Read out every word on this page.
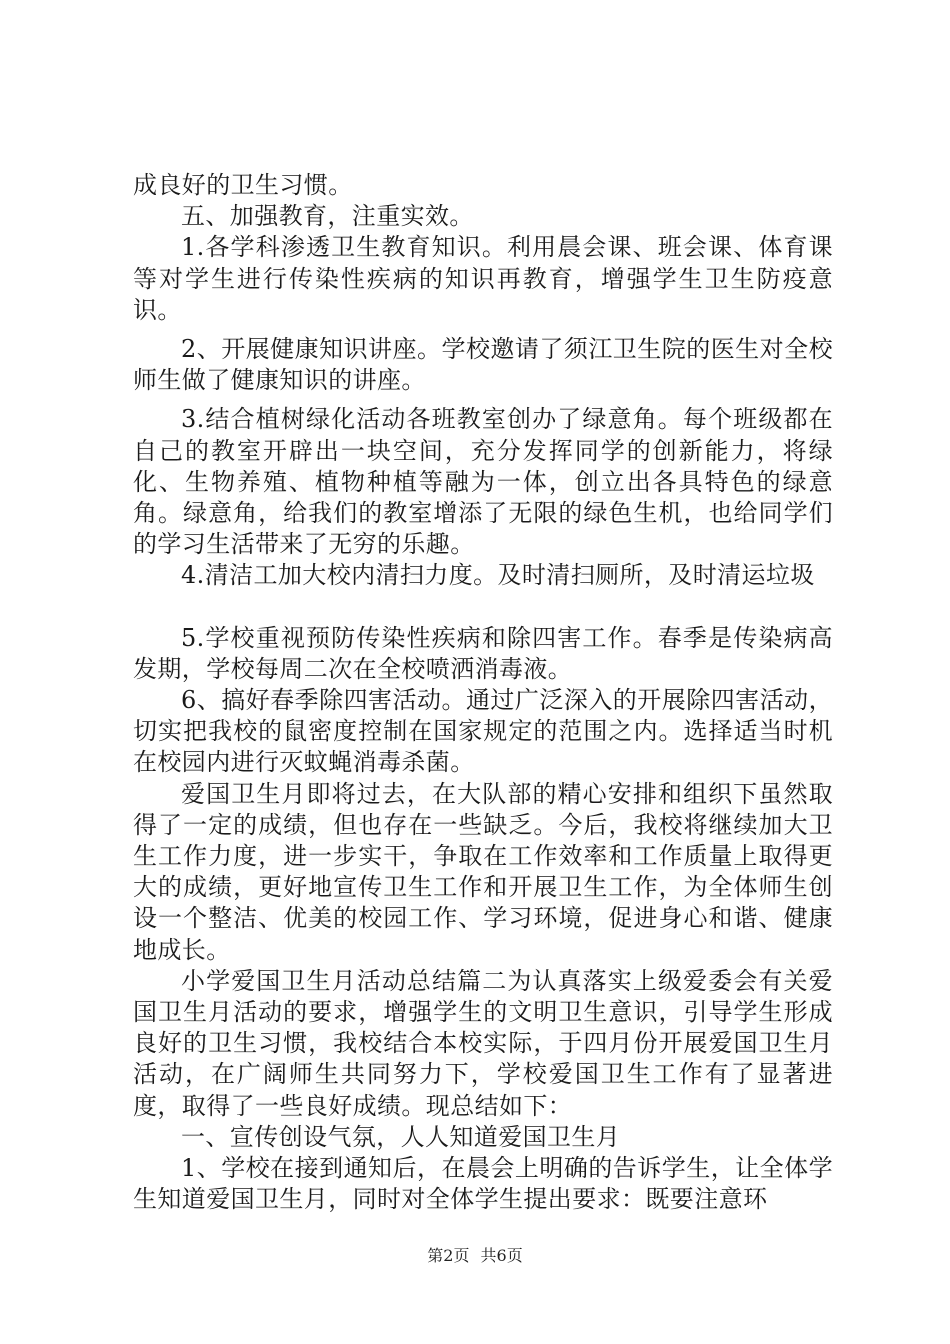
成良好的卫生习惯。

五、加强教育，注重实效。

1.各学科渗透卫生教育知识。利用晨会课、班会课、体育课等对学生进行传染性疾病的知识再教育，增强学生卫生防疫意识。

2、开展健康知识讲座。学校邀请了须江卫生院的医生对全校师生做了健康知识的讲座。

3.结合植树绿化活动各班教室创办了绿意角。每个班级都在自己的教室开辟出一块空间，充分发挥同学的创新能力，将绿化、生物养殖、植物种植等融为一体，创立出各具特色的绿意角。绿意角，给我们的教室增添了无限的绿色生机，也给同学们的学习生活带来了无穷的乐趣。

4.清洁工加大校内清扫力度。及时清扫厕所，及时清运垃圾

5.学校重视预防传染性疾病和除四害工作。春季是传染病高发期，学校每周二次在全校喷洒消毒液。

6、搞好春季除四害活动。通过广泛深入的开展除四害活动，切实把我校的鼠密度控制在国家规定的范围之内。选择适当时机在校园内进行灭蚊蝇消毒杀菌。

爱国卫生月即将过去，在大队部的精心安排和组织下虽然取得了一定的成绩，但也存在一些缺乏。今后，我校将继续加大卫生工作力度，进一步实干，争取在工作效率和工作质量上取得更大的成绩，更好地宣传卫生工作和开展卫生工作，为全体师生创设一个整洁、优美的校园工作、学习环境，促进身心和谐、健康地成长。

小学爱国卫生月活动总结篇二为认真落实上级爱委会有关爱国卫生月活动的要求，增强学生的文明卫生意识，引导学生形成良好的卫生习惯，我校结合本校实际，于四月份开展爱国卫生月活动，在广阔师生共同努力下，学校爱国卫生工作有了显著进度，取得了一些良好成绩。现总结如下：

一、宣传创设气氛，人人知道爱国卫生月

1、学校在接到通知后，在晨会上明确的告诉学生，让全体学生知道爱国卫生月，同时对全体学生提出要求：既要注意环

第2页 共6页
